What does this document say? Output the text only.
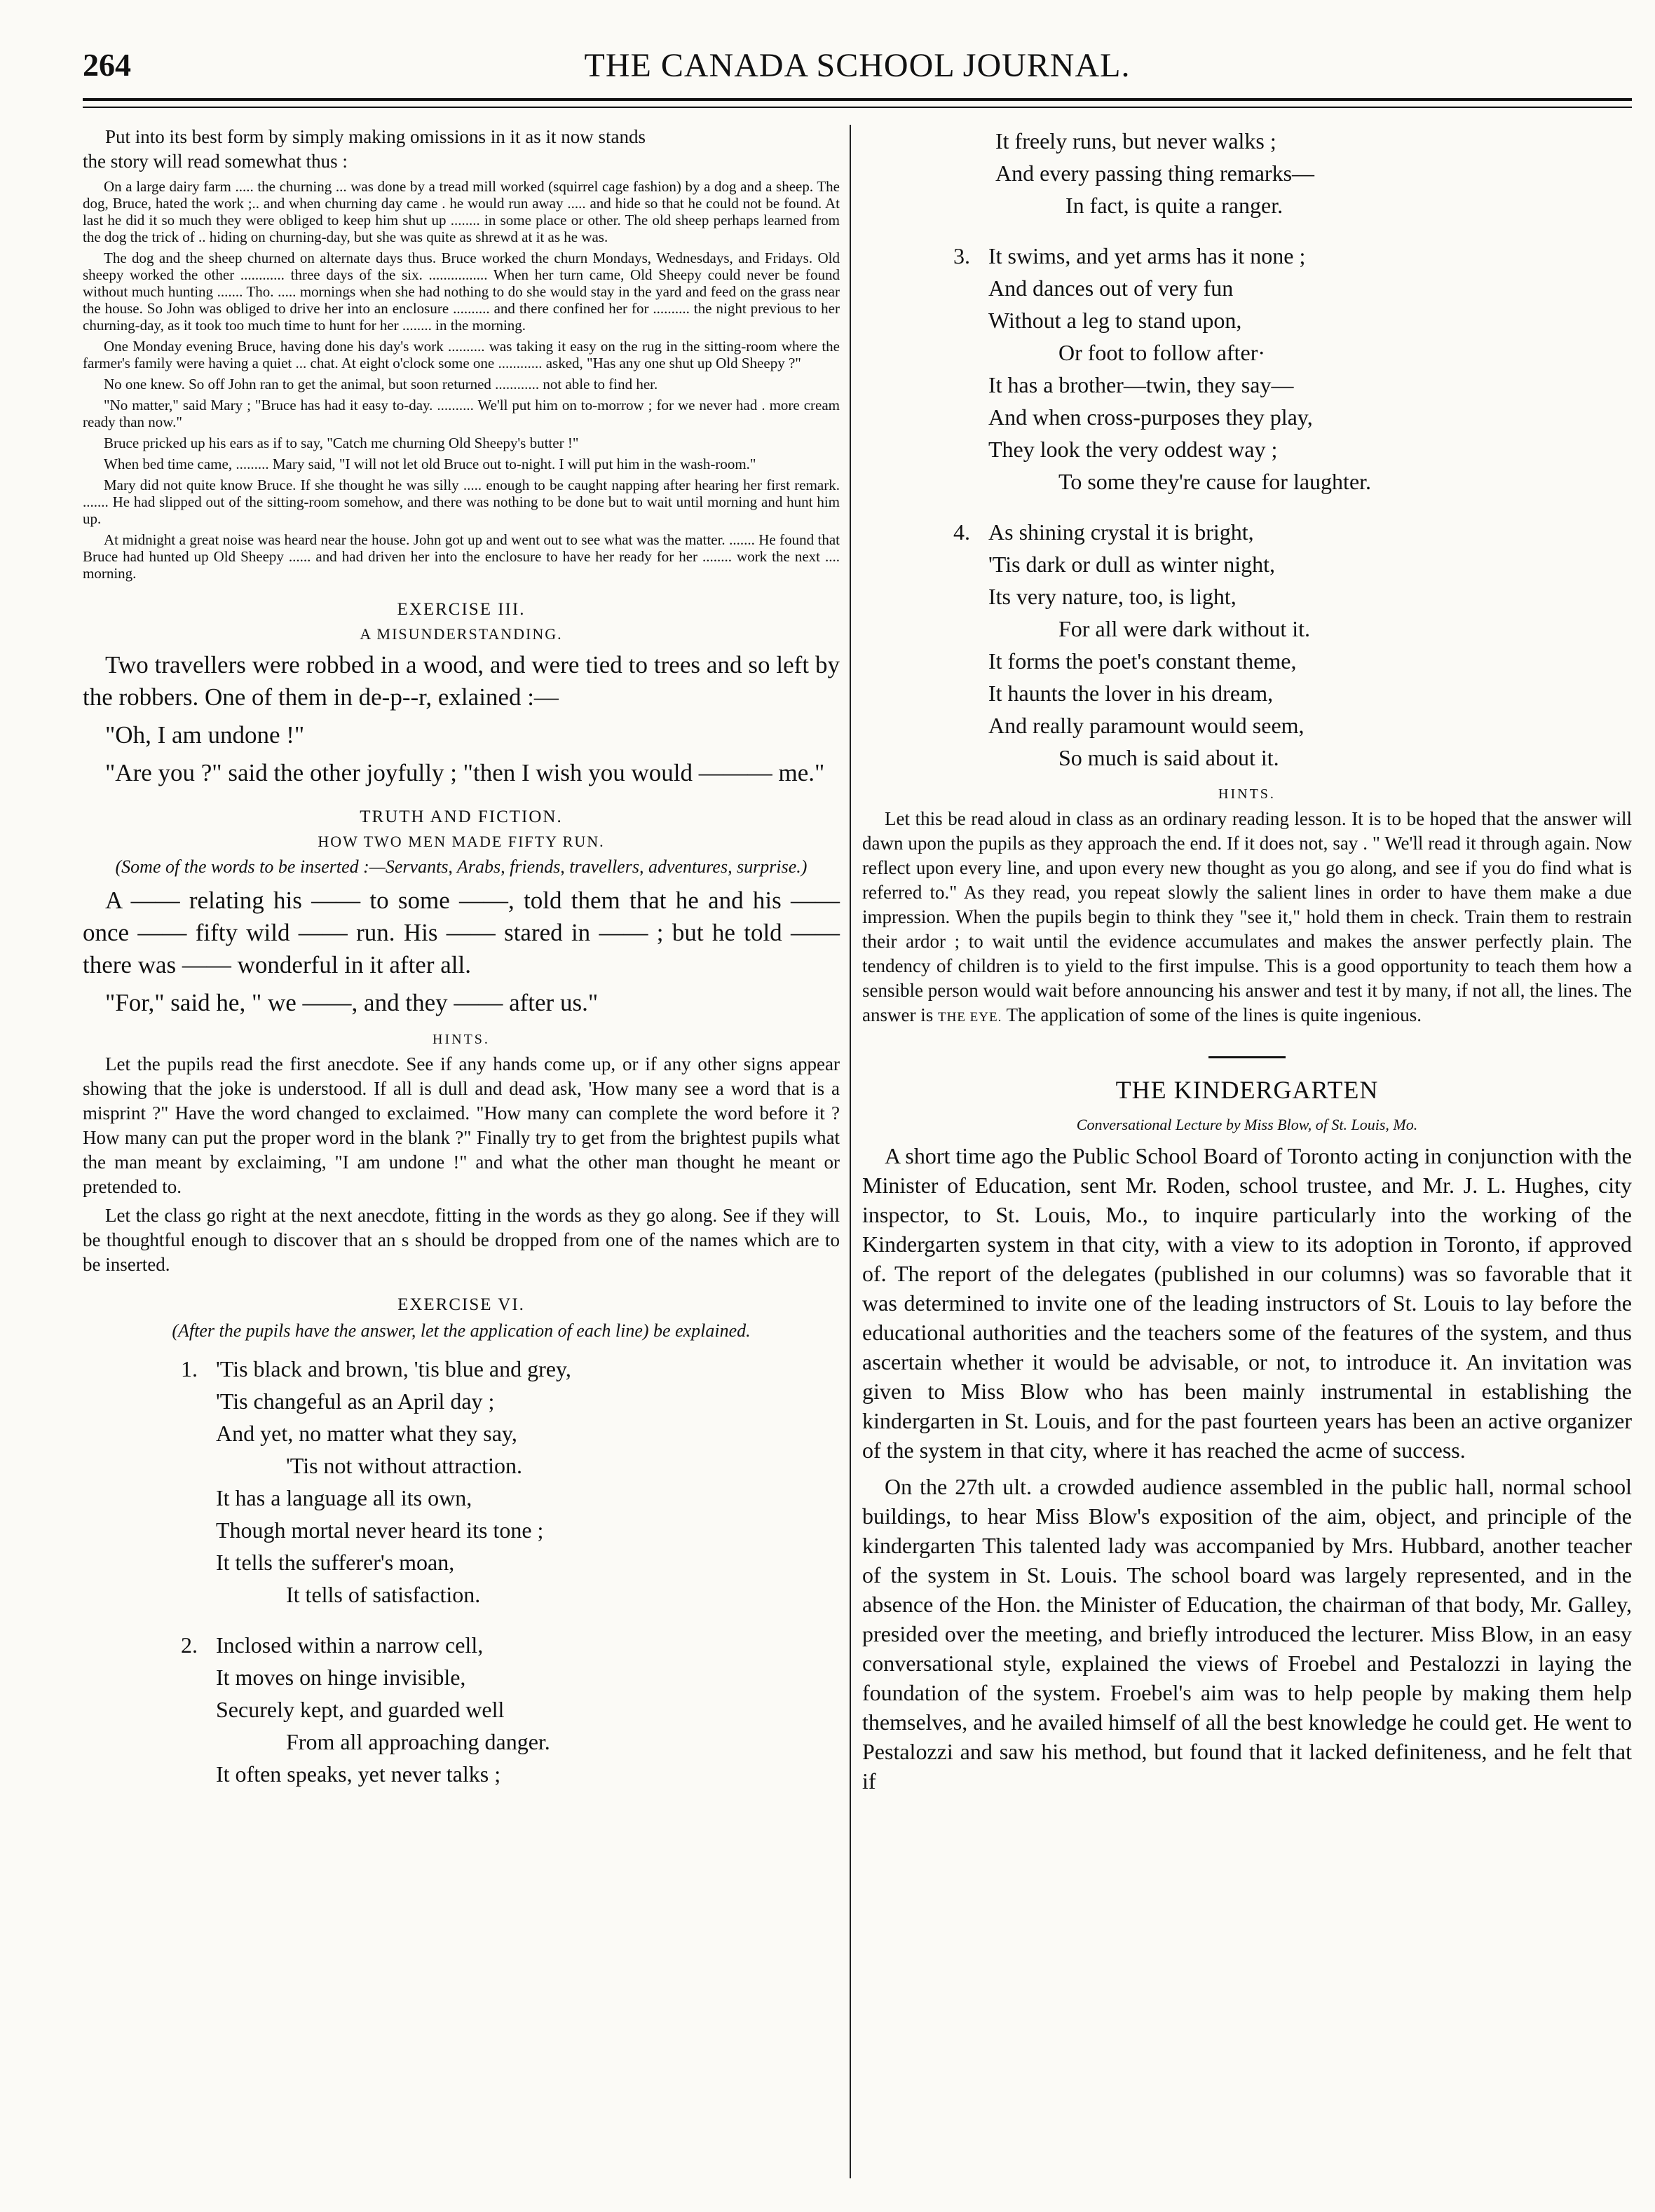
264	THE CANADA SCHOOL JOURNAL.

Put into its best form by simply making omissions in it as it now stands

the story will read somewhat thus :

On a large dairy farm ..... the churning ... was done by a tread mill worked (squirrel cage fashion) by a dog and a sheep. The dog, Bruce, hated the work ;.. and when churning day came . he would run away ..... and hide so that he could not be found. At last he did it so much they were obliged to keep him shut up ........ in some place or other. The old sheep perhaps learned from the dog the trick of .. hiding on churning-day, but she was quite as shrewd at it as he was.

The dog and the sheep churned on alternate days thus. Bruce worked the churn Mondays, Wednesdays, and Fridays. Old sheepy worked the other ............ three days of the six. ................ When her turn came, Old Sheepy could never be found without much hunting ....... Tho. ..... mornings when she had nothing to do she would stay in the yard and feed on the grass near the house. So John was obliged to drive her into an enclosure .......... and there confined her for .......... the night previous to her churning-day, as it took too much time to hunt for her ........ in the morning.

One Monday evening Bruce, having done his day's work .......... was taking it easy on the rug in the sitting-room where the farmer's family were having a quiet ... chat. At eight o'clock some one ............ asked, "Has any one shut up Old Sheepy ?"

No one knew. So off John ran to get the animal, but soon returned ............ not able to find her.

"No matter," said Mary ; "Bruce has had it easy to-day. .......... We'll put him on to-morrow ; for we never had . more cream ready than now."

Bruce pricked up his ears as if to say, "Catch me churning Old Sheepy's butter !"

When bed time came, ......... Mary said, "I will not let old Bruce out to-night. I will put him in the wash-room."

Mary did not quite know Bruce. If she thought he was silly ..... enough to be caught napping after hearing her first remark. ....... He had slipped out of the sitting-room somehow, and there was nothing to be done but to wait until morning and hunt him up.

At midnight a great noise was heard near the house. John got up and went out to see what was the matter. ....... He found that Bruce had hunted up Old Sheepy ...... and had driven her into the enclosure to have her ready for her ........ work the next .... morning.

EXERCISE III.
A MISUNDERSTANDING.

Two travellers were robbed in a wood, and were tied to trees and so left by the robbers. One of them in de-p--r, exlained :—

"Oh, I am undone !"

"Are you ?" said the other joyfully ; "then I wish you would ——— me."

TRUTH AND FICTION.
HOW TWO MEN MADE FIFTY RUN.

(Some of the words to be inserted :—Servants, Arabs, friends, travellers, adventures, surprise.)

A —— relating his —— to some ——, told them that he and his —— once —— fifty wild —— run. His —— stared in —— ; but he told —— there was —— wonderful in it after all.

"For," said he, " we ——, and they —— after us."

HINTS.

Let the pupils read the first anecdote. See if any hands come up, or if any other signs appear showing that the joke is understood. If all is dull and dead ask, 'How many see a word that is a misprint ?" Have the word changed to exclaimed. "How many can complete the word before it ? How many can put the proper word in the blank ?" Finally try to get from the brightest pupils what the man meant by exclaiming, "I am undone !" and what the other man thought he meant or pretended to.

Let the class go right at the next anecdote, fitting in the words as they go along. See if they will be thoughtful enough to discover that an s should be dropped from one of the names which are to be inserted.

EXERCISE VI.

(After the pupils have the answer, let the application of each line) be explained.

1. 'Tis black and brown, 'tis blue and grey,
'Tis changeful as an April day ;
And yet, no matter what they say,
'Tis not without attraction.
It has a language all its own,
Though mortal never heard its tone ;
It tells the sufferer's moan,
It tells of satisfaction.
2. Inclosed within a narrow cell,
It moves on hinge invisible,
Securely kept, and guarded well
From all approaching danger.
It often speaks, yet never talks ;
It freely runs, but never walks ;
And every passing thing remarks—
In fact, is quite a ranger.
3. It swims, and yet arms has it none ;
And dances out of very fun
Without a leg to stand upon,
Or foot to follow after·
It has a brother—twin, they say—
And when cross-purposes they play,
They look the very oddest way ;
To some they're cause for laughter.
4. As shining crystal it is bright,
'Tis dark or dull as winter night,
Its very nature, too, is light,
For all were dark without it.
It forms the poet's constant theme,
It haunts the lover in his dream,
And really paramount would seem,
So much is said about it.
HINTS.

Let this be read aloud in class as an ordinary reading lesson. It is to be hoped that the answer will dawn upon the pupils as they approach the end. If it does not, say . " We'll read it through again. Now reflect upon every line, and upon every new thought as you go along, and see if you do find what is referred to." As they read, you repeat slowly the salient lines in order to have them make a due impression. When the pupils begin to think they "see it," hold them in check. Train them to restrain their ardor ; to wait until the evidence accumulates and makes the answer perfectly plain. The tendency of children is to yield to the first impulse. This is a good opportunity to teach them how a sensible person would wait before announcing his answer and test it by many, if not all, the lines. The answer is THE EYE. The application of some of the lines is quite ingenious.

THE KINDERGARTEN
Conversational Lecture by Miss Blow, of St. Louis, Mo.

A short time ago the Public School Board of Toronto acting in conjunction with the Minister of Education, sent Mr. Roden, school trustee, and Mr. J. L. Hughes, city inspector, to St. Louis, Mo., to inquire particularly into the working of the Kindergarten system in that city, with a view to its adoption in Toronto, if approved of. The report of the delegates (published in our columns) was so favorable that it was determined to invite one of the leading instructors of St. Louis to lay before the educational authorities and the teachers some of the features of the system, and thus ascertain whether it would be advisable, or not, to introduce it. An invitation was given to Miss Blow who has been mainly instrumental in establishing the kindergarten in St. Louis, and for the past fourteen years has been an active organizer of the system in that city, where it has reached the acme of success.

On the 27th ult. a crowded audience assembled in the public hall, normal school buildings, to hear Miss Blow's exposition of the aim, object, and principle of the kindergarten This talented lady was accompanied by Mrs. Hubbard, another teacher of the system in St. Louis. The school board was largely represented, and in the absence of the Hon. the Minister of Education, the chairman of that body, Mr. Galley, presided over the meeting, and briefly introduced the lecturer. Miss Blow, in an easy conversational style, explained the views of Froebel and Pestalozzi in laying the foundation of the system. Froebel's aim was to help people by making them help themselves, and he availed himself of all the best knowledge he could get. He went to Pestalozzi and saw his method, but found that it lacked definiteness, and he felt that if
